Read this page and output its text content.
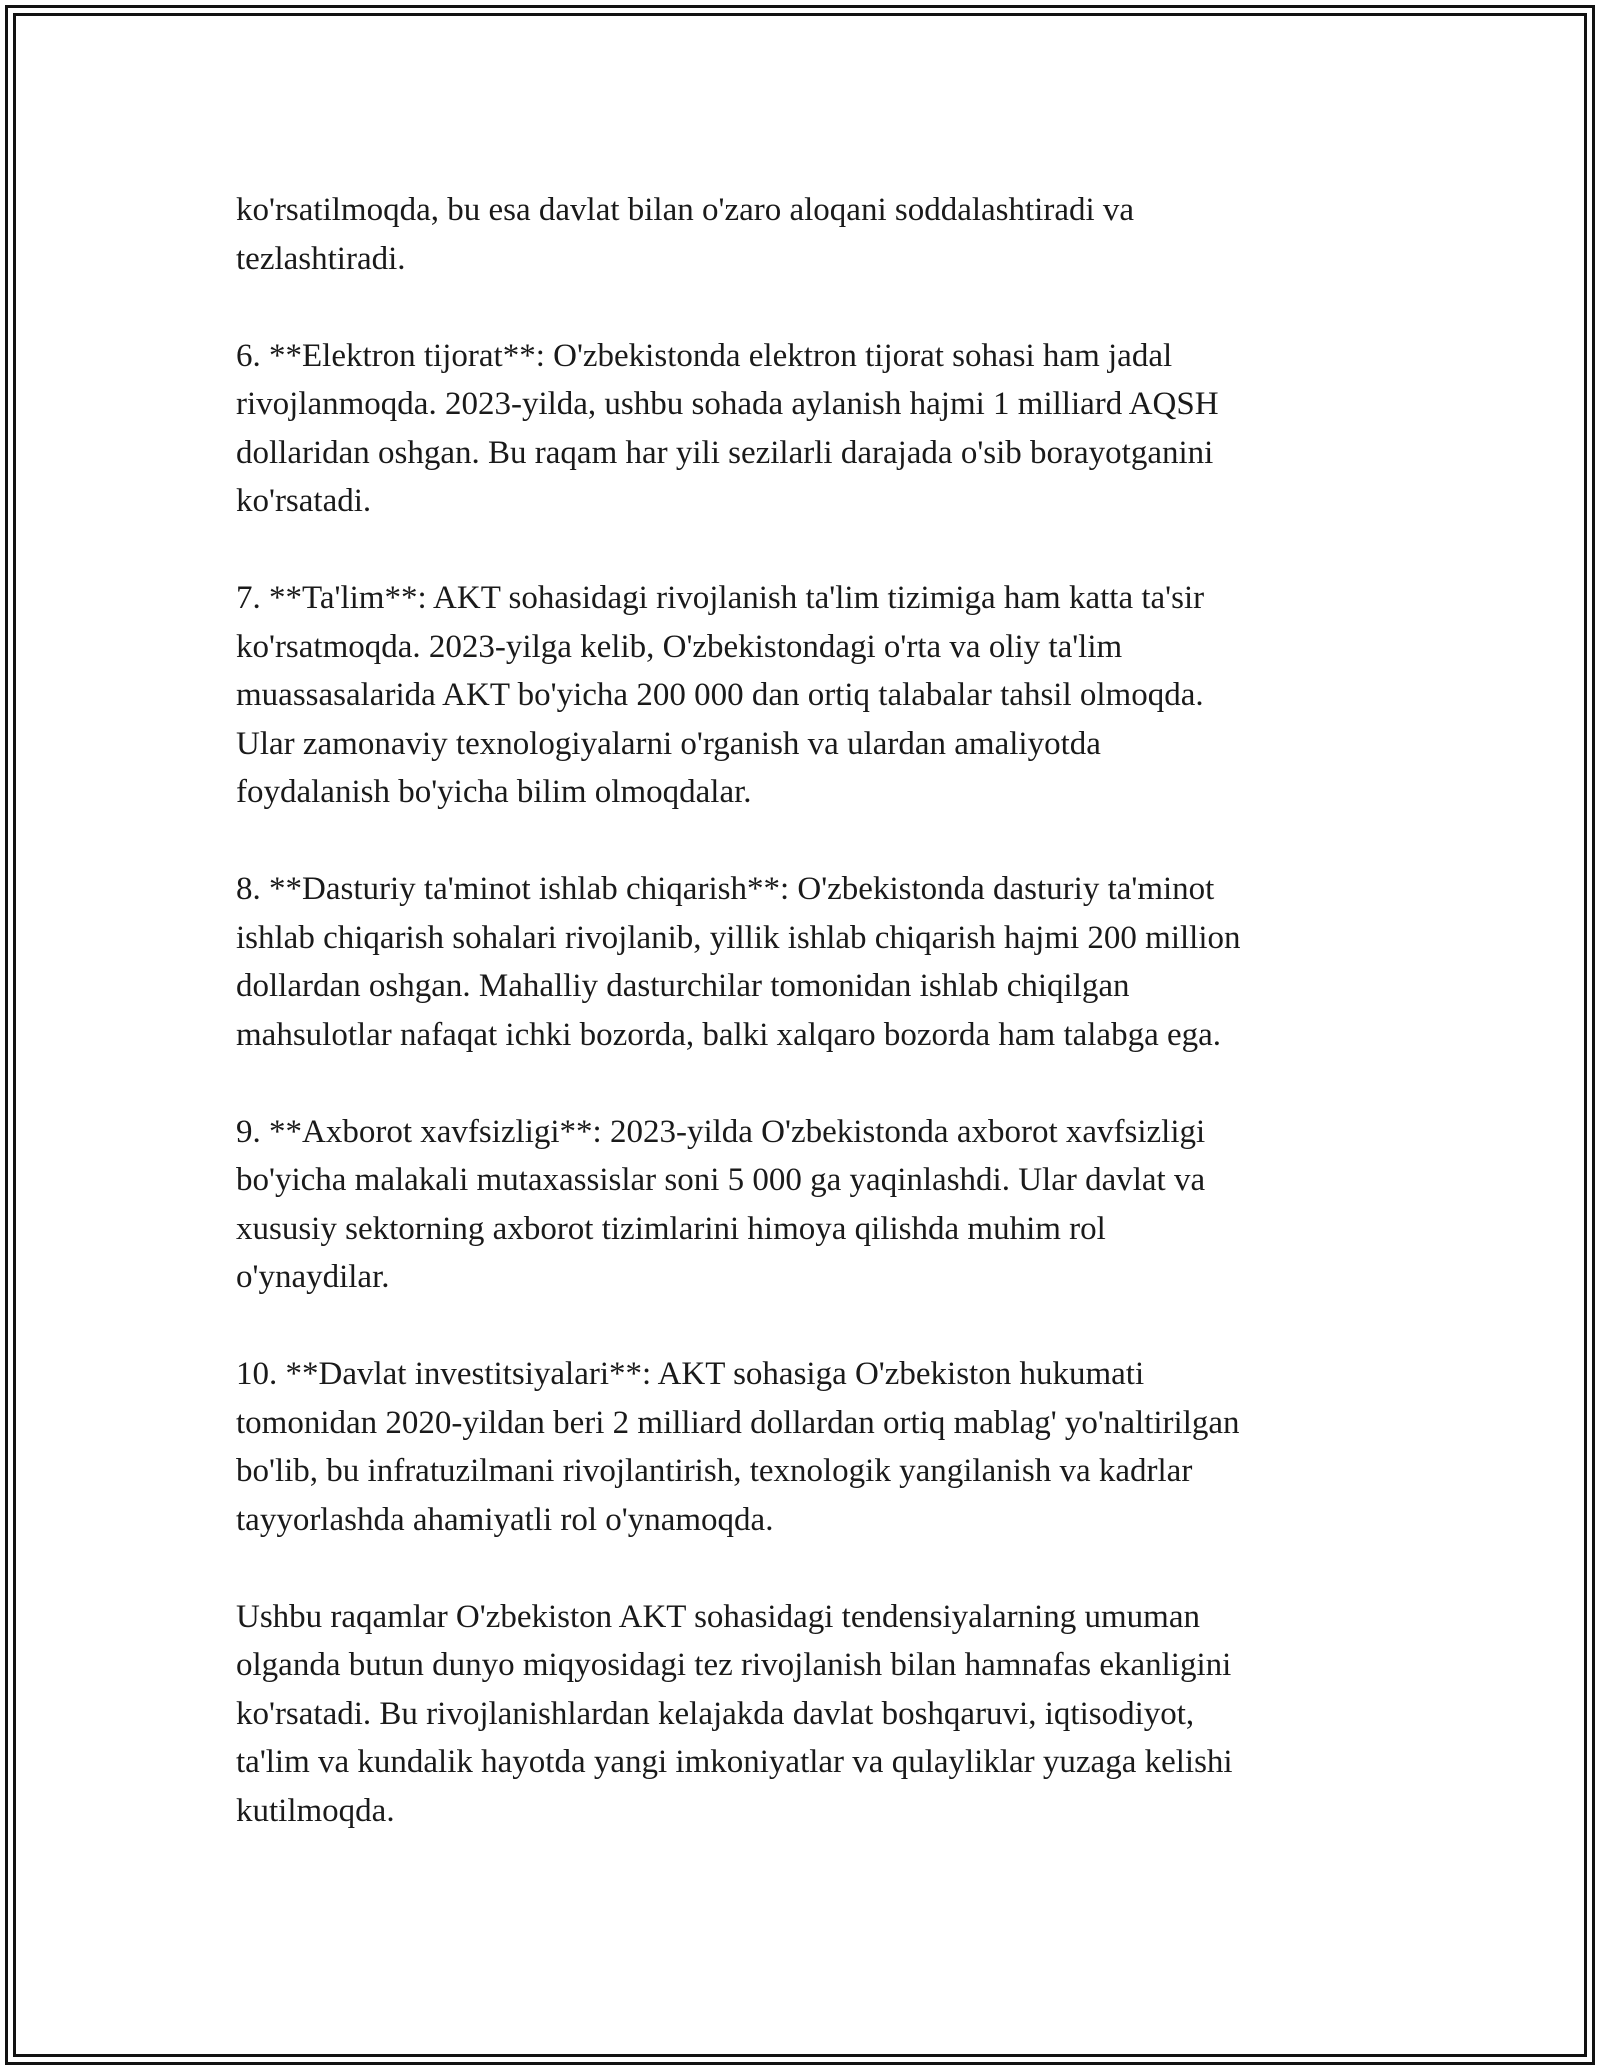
ko'rsatilmoqda, bu esa davlat bilan o'zaro aloqani soddalashtiradi va
tezlashtiradi.

6. **Elektron tijorat**: O'zbekistonda elektron tijorat sohasi ham jadal
rivojlanmoqda. 2023-yilda, ushbu sohada aylanish hajmi 1 milliard AQSH
dollaridan oshgan. Bu raqam har yili sezilarli darajada o'sib borayotganini
ko'rsatadi.

7. **Ta'lim**: AKT sohasidagi rivojlanish ta'lim tizimiga ham katta ta'sir
ko'rsatmoqda. 2023-yilga kelib, O'zbekistondagi o'rta va oliy ta'lim
muassasalarida AKT bo'yicha 200 000 dan ortiq talabalar tahsil olmoqda.
Ular zamonaviy texnologiyalarni o'rganish va ulardan amaliyotda
foydalanish bo'yicha bilim olmoqdalar.

8. **Dasturiy ta'minot ishlab chiqarish**: O'zbekistonda dasturiy ta'minot
ishlab chiqarish sohalari rivojlanib, yillik ishlab chiqarish hajmi 200 million
dollardan oshgan. Mahalliy dasturchilar tomonidan ishlab chiqilgan
mahsulotlar nafaqat ichki bozorda, balki xalqaro bozorda ham talabga ega.

9. **Axborot xavfsizligi**: 2023-yilda O'zbekistonda axborot xavfsizligi
bo'yicha malakali mutaxassislar soni 5 000 ga yaqinlashdi. Ular davlat va
xususiy sektorning axborot tizimlarini himoya qilishda muhim rol
o'ynaydilar.

10. **Davlat investitsiyalari**: AKT sohasiga O'zbekiston hukumati
tomonidan 2020-yildan beri 2 milliard dollardan ortiq mablag' yo'naltirilgan
bo'lib, bu infratuzilmani rivojlantirish, texnologik yangilanish va kadrlar
tayyorlashda ahamiyatli rol o'ynamoqda.

Ushbu raqamlar O'zbekiston AKT sohasidagi tendensiyalarning umuman
olganda butun dunyo miqyosidagi tez rivojlanish bilan hamnafas ekanligini
ko'rsatadi. Bu rivojlanishlardan kelajakda davlat boshqaruvi, iqtisodiyot,
ta'lim va kundalik hayotda yangi imkoniyatlar va qulayliklar yuzaga kelishi
kutilmoqda.
